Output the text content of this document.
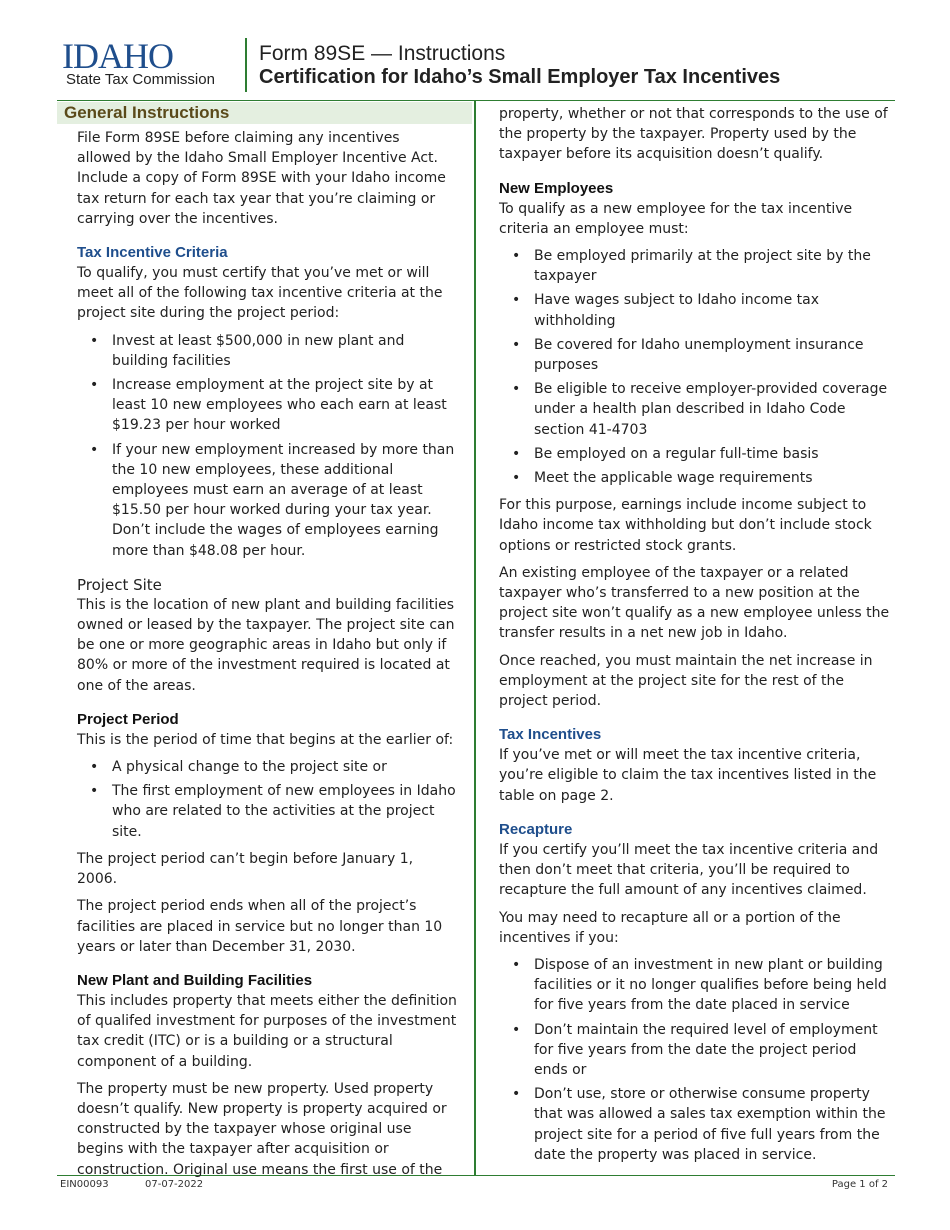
IDAHO
State Tax Commission
Form 89SE — Instructions
Certification for Idaho’s Small Employer Tax Incentives
General Instructions

File Form 89SE before claiming any incentives allowed by the Idaho Small Employer Incentive Act. Include a copy of Form 89SE with your Idaho income tax return for each tax year that you’re claiming or carrying over the incentives.

Tax Incentive Criteria

To qualify, you must certify that you’ve met or will meet all of the following tax incentive criteria at the project site during the project period:

• Invest at least $500,000 in new plant and building facilities
• Increase employment at the project site by at least 10 new employees who each earn at least $19.23 per hour worked
• If your new employment increased by more than the 10 new employees, these additional employees must earn an average of at least $15.50 per hour worked during your tax year. Don’t include the wages of employees earning more than $48.08 per hour.
Project Site

This is the location of new plant and building facilities owned or leased by the taxpayer. The project site can be one or more geographic areas in Idaho but only if 80% or more of the investment required is located at one of the areas.

Project Period

This is the period of time that begins at the earlier of:

• A physical change to the project site or
• The first employment of new employees in Idaho who are related to the activities at the project site.

The project period can’t begin before January 1, 2006.

The project period ends when all of the project’s facilities are placed in service but no longer than 10 years or later than December 31, 2030.

New Plant and Building Facilities

This includes property that meets either the definition of qualifed investment for purposes of the investment tax credit (ITC) or is a building or a structural component of a building.

The property must be new property. Used property doesn’t qualify. New property is property acquired or constructed by the taxpayer whose original use begins with the taxpayer after acquisition or construction. Original use means the first use of the

property, whether or not that corresponds to the use of the property by the taxpayer. Property used by the taxpayer before its acquisition doesn’t qualify.

New Employees

To qualify as a new employee for the tax incentive criteria an employee must:

• Be employed primarily at the project site by the taxpayer
• Have wages subject to Idaho income tax withholding
• Be covered for Idaho unemployment insurance purposes
• Be eligible to receive employer-provided coverage under a health plan described in Idaho Code section 41-4703
• Be employed on a regular full-time basis
• Meet the applicable wage requirements

For this purpose, earnings include income subject to Idaho income tax withholding but don’t include stock options or restricted stock grants.

An existing employee of the taxpayer or a related taxpayer who’s transferred to a new position at the project site won’t qualify as a new employee unless the transfer results in a net new job in Idaho.

Once reached, you must maintain the net increase in employment at the project site for the rest of the project period.

Tax Incentives

If you’ve met or will meet the tax incentive criteria, you’re eligible to claim the tax incentives listed in the table on page 2.

Recapture

If you certify you’ll meet the tax incentive criteria and then don’t meet that criteria, you’ll be required to recapture the full amount of any incentives claimed.

You may need to recapture all or a portion of the incentives if you:

• Dispose of an investment in new plant or building facilities or it no longer qualifies before being held for five years from the date placed in service
• Don’t maintain the required level of employment for five years from the date the project period ends or
• Don’t use, store or otherwise consume property that was allowed a sales tax exemption within the project site for a period of five full years from the date the property was placed in service.
EIN00093	07-07-2022	Page 1 of 2
